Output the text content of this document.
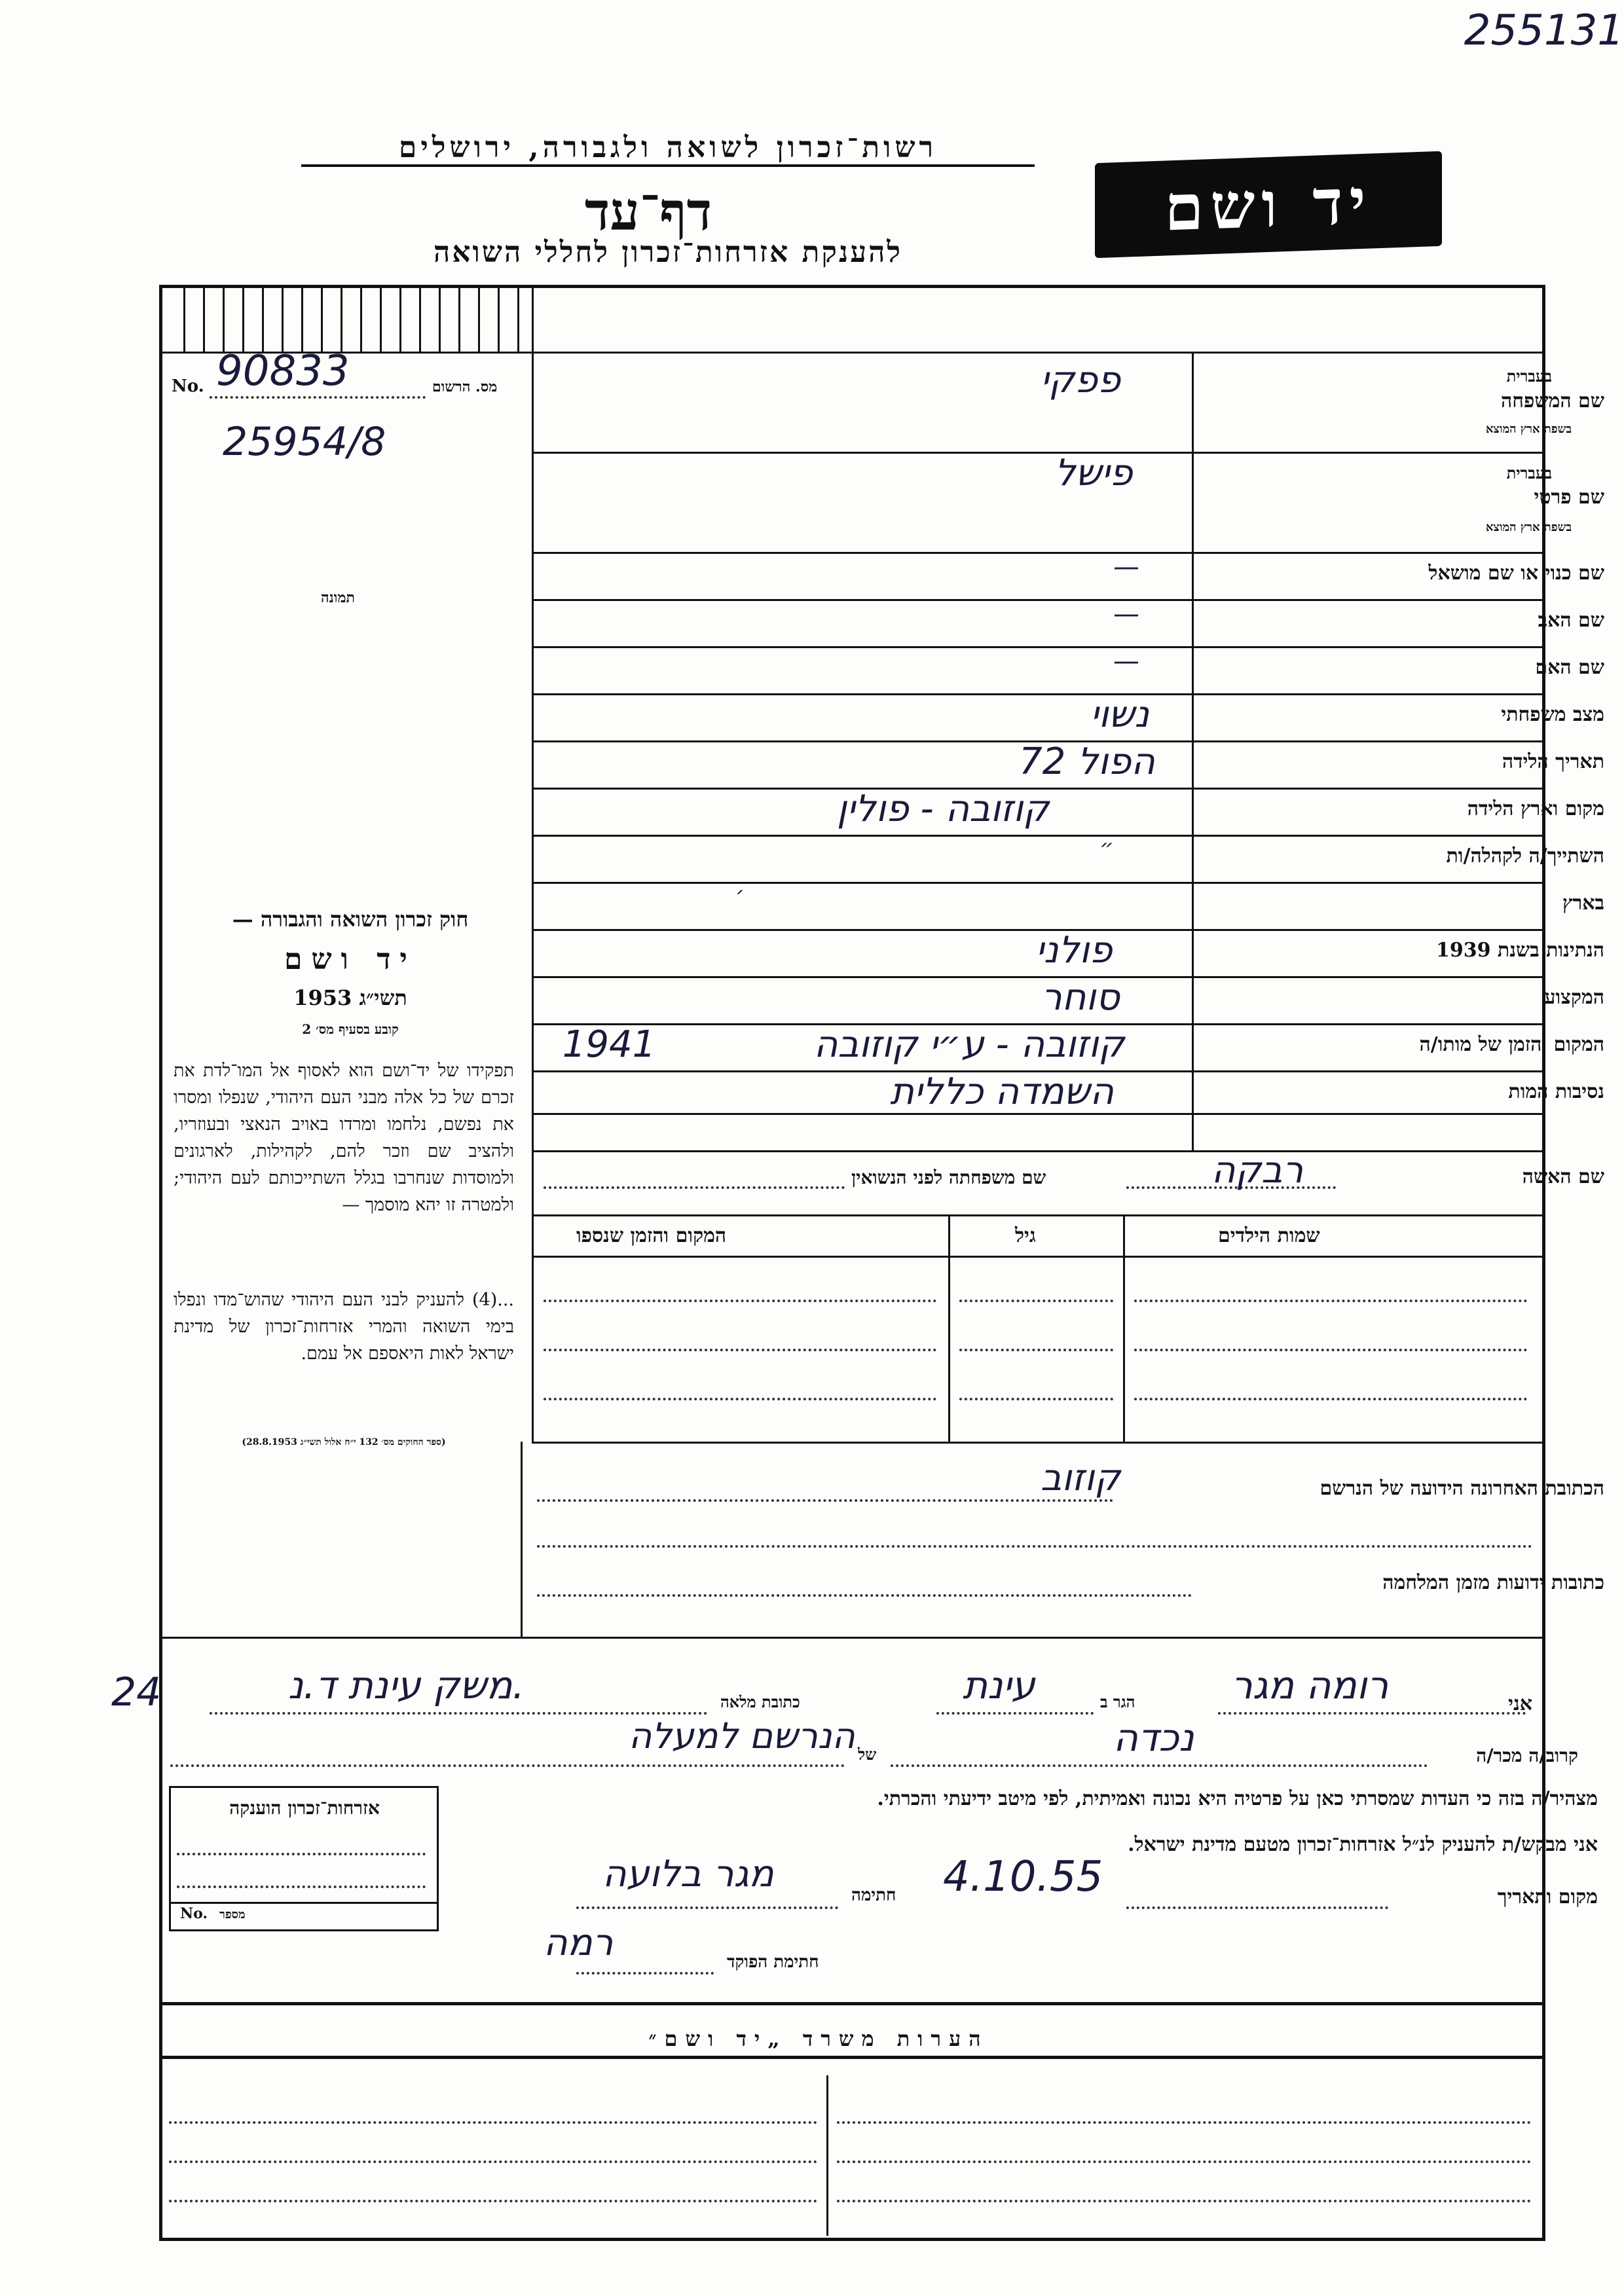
255131
רשות־זכרון לשואה ולגבורה, ירושלים
דף־עד
להענקת אזרחות־זכרון לחללי השואה
יד ושם
No. 90833	מס. הרשום
25954/8
תמונה
שם המשפחה
בעברית
בשפת ארץ המוצא
פפקי
שם פרטי
בעברית
בשפת ארץ המוצא
פישל
שם כנוי או שם מושאל
—
שם האב
—
שם האם
—
מצב משפחתי
נשוי
תאריך הלידה
הפול 72
מקום וארץ הלידה
קוזובה - פולין
השתייך/ה לקהלה/ות
״
בארץ
׳
הנתינות בשנת 1939
פולני
המקצוע
סוחר
המקום והזמן של מותו/ה
קוזובה - ע״י קוזובה
1941
נסיבות המות
השמדה כללית
שם האשה
רבקה
שם משפחתה לפני הנשואין
שמות הילדים
גיל
המקום והזמן שנספו
חוק זכרון השואה והגבורה —
יד ושם
תשי״ג 1953
קובע בסעיף מס׳ 2
תפקידו של יד־ושם הוא לאסוף אל המו־לדת את זכרם של כל אלה מבני העם היהודי, שנפלו ומסרו את נפשם, נלחמו ומרדו באויב הנאצי ובעוזריו, ולהציב שם וזכר להם, לקהילות, לארגונים ולמוסדות שנחרבו בגלל השתייכותם לעם היהודי; ולמטרה זו יהא מוסמך —
...(4) להעניק לבני העם היהודי שהוש־מדו ונפלו בימי השואה והמרי אזרחות־זכרון של מדינת ישראל לאות היאספם אל עמם.
(ספר החוקים מס׳ 132 י״ח אלול תשי״ג 28.8.1953)
הכתובת האחרונה הידועה של הנרשם
קוזוב
כתובות ידועות מזמן המלחמה
24	אני
רומה מגר
הגר ב
עינת
כתובת מלאה
משק עינת ד.נ.
קרוב/ה מכר/ה
נכדה
של
הנרשם למעלה
מצהיר/ה בזה כי העדות שמסרתי כאן על פרטיה היא נכונה ואמיתית, לפי מיטב ידיעתי והכרתי.
אני מבקש/ת להעניק לנ״ל אזרחות־זכרון מטעם מדינת ישראל.
מקום ותאריך
4.10.55
חתימה
מגר בלועה
חתימת הפוקד
רמה
אזרחות־זכרון הוענקה
No. מספר
הערות משרד „יד ושם״
